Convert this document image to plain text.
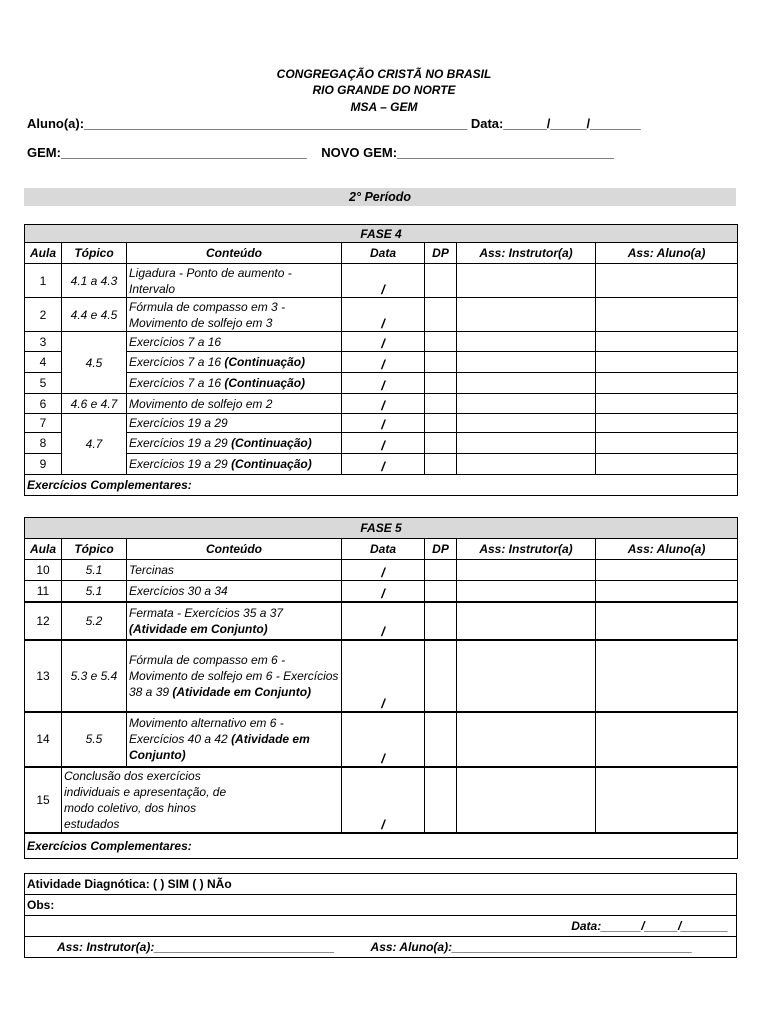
CONGREGAÇÃO CRISTÃ NO BRASIL
RIO GRANDE DO NORTE
MSA – GEM
Aluno(a):_____________________________________________________ Data:______/_____/_______
GEM:__________________________________    NOVO GEM:______________________________
2° Período
FASE 4						
Aula	Tópico	Conteúdo	Data	DP	Ass: Instrutor(a)	Ass: Aluno(a)
1	4.1 a 4.3	Ligadura - Ponto de aumento - Intervalo	/			
2	4.4 e 4.5	Fórmula de compasso em 3 - Movimento de solfejo em 3	/			
3	4.5	Exercícios 7 a 16	/			
4		Exercícios 7 a 16 (Continuação)	/			
5		Exercícios 7 a 16 (Continuação)	/			
6	4.6 e 4.7	Movimento de solfejo em 2	/			
7	4.7	Exercícios 19 a 29	/			
8		Exercícios 19 a 29 (Continuação)	/			
9		Exercícios 19 a 29 (Continuação)	/			
Exercícios Complementares:						
FASE 5						
Aula	Tópico	Conteúdo	Data	DP	Ass: Instrutor(a)	Ass: Aluno(a)
10	5.1	Tercinas	/			
11	5.1	Exercícios 30 a 34	/			
12	5.2	Fermata - Exercícios 35 a 37
(Atividade em Conjunto)	/			
13	5.3 e 5.4	Fórmula de compasso em 6 - Movimento de solfejo em 6 - Exercícios 38 a 39 (Atividade em Conjunto)	/			
14	5.5	Movimento alternativo em 6 - Exercícios 40 a 42 (Atividade em Conjunto)	/			
15	Conclusão dos exercícios individuais e apresentação, de modo coletivo, dos hinos estudados		/			
Exercícios Complementares:						
Atividade Diagnótica: ( ) SIM ( ) NÃo
Obs:
Data:______/_____/_______
Ass: Instrutor(a):___________________________	Ass: Aluno(a):____________________________________
